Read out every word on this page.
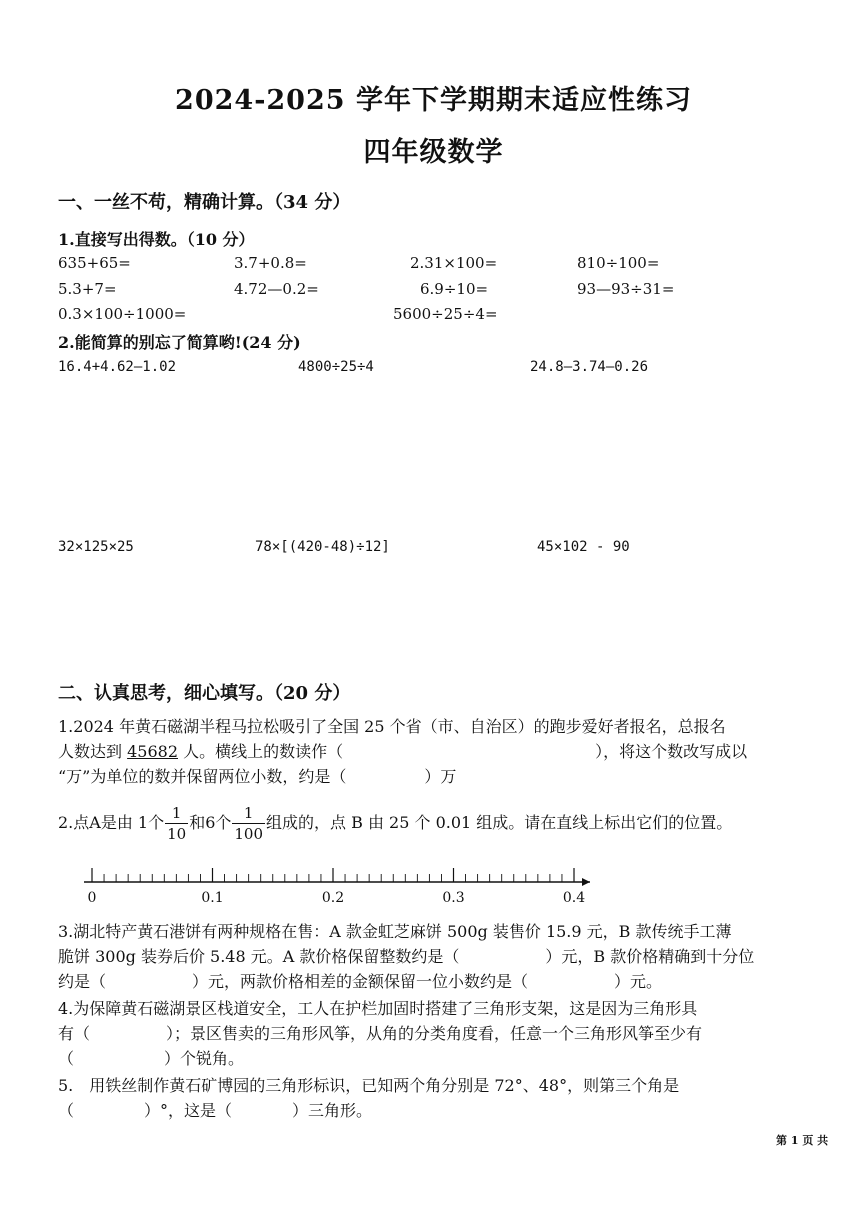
2024-2025 学年下学期期末适应性练习
四年级数学
一、一丝不苟，精确计算。（34 分）
1.直接写出得数。（10 分）
635+65=	3.7+0.8=	2.31×100=	810÷100=
5.3+7=	4.72—0.2=	6.9÷10=	93—93÷31=
0.3×100÷1000=	5600÷25÷4=
2.能简算的别忘了简算哟!(24 分)
16.4+4.62—1.02	4800÷25÷4	24.8—3.74—0.26
32×125×25	78×[(420-48)÷12]	45×102 - 90
二、认真思考，细心填写。（20 分）
1.2024 年黄石磁湖半程马拉松吸引了全国 25 个省（市、自治区）的跑步爱好者报名，总报名
人数达到 45682 人。横线上的数读作（	），将这个数改写成以
“万”为单位的数并保留两位小数，约是（	）万
2.点A是由 1个 $\frac{1}{10}$ 和6个 $\frac{1}{100}$ 组成的，点 B 由 25 个 0.01 组成。请在直线上标出它们的位置。
0	0.1	0.2	0.3	0.4
3.湖北特产黄石港饼有两种规格在售：A 款金虹芝麻饼 500g 装售价 15.9 元，B 款传统手工薄
脆饼 300g 装券后价 5.48 元。A 款价格保留整数约是（	）元，B 款价格精确到十分位
约是（	）元，两款价格相差的金额保留一位小数约是（	）元。
4.为保障黄石磁湖景区栈道安全，工人在护栏加固时搭建了三角形支架，这是因为三角形具
有（	）；景区售卖的三角形风筝，从角的分类角度看，任意一个三角形风筝至少有
（	）个锐角。
5.　用铁丝制作黄石矿博园的三角形标识，已知两个角分别是 72°、48°，则第三个角是
（	）°，这是（	）三角形。
第 1 页 共
